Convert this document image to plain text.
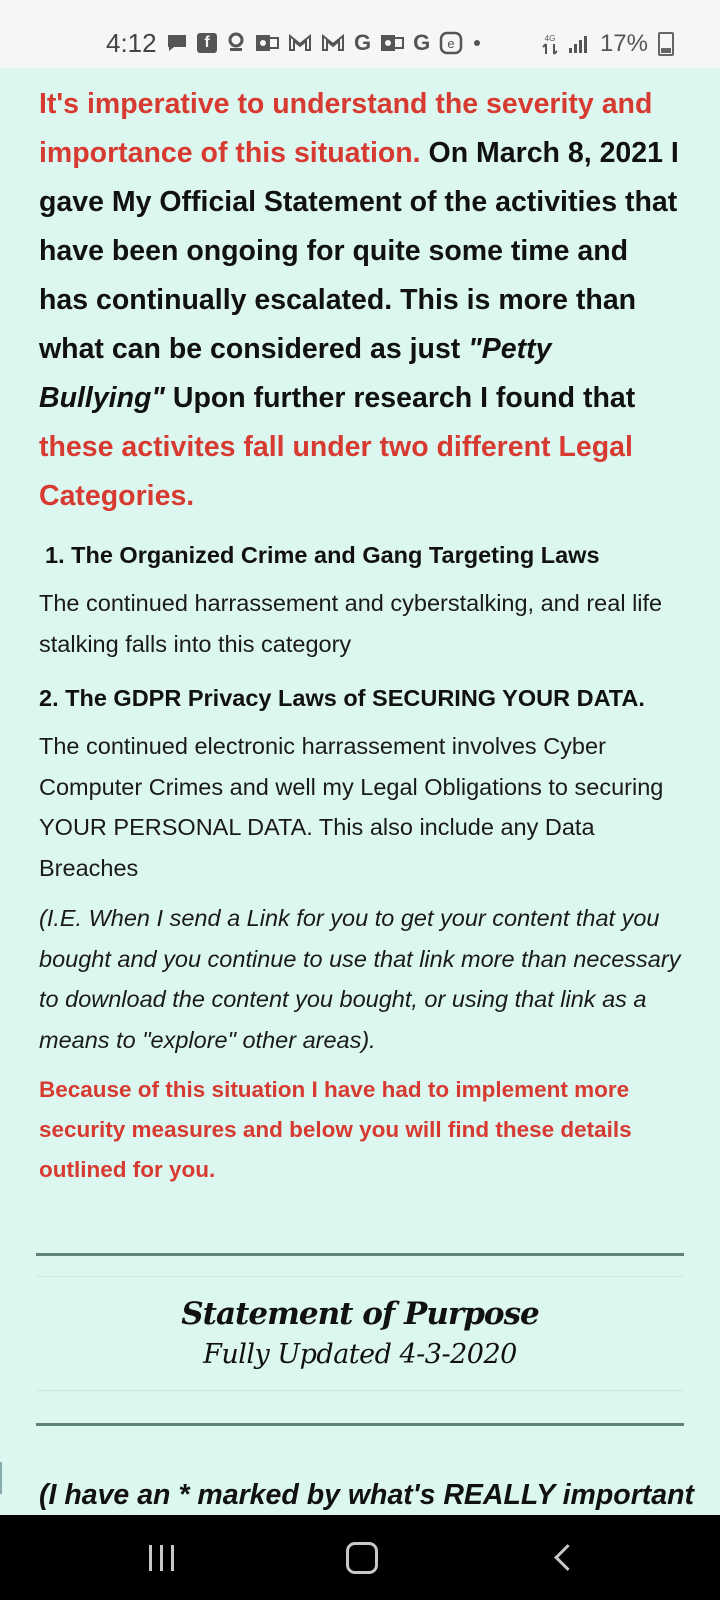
4:12	f	G G e	4G 17%

It's imperative to understand the severity and importance of this situation. On March 8, 2021 I gave My Official Statement of the activities that have been ongoing for quite some time and has continually escalated. This is more than what can be considered as just "Petty Bullying" Upon further research I found that these activites fall under two different Legal Categories.

1. The Organized Crime and Gang Targeting Laws

The continued harrassement and cyberstalking, and real life stalking falls into this category

2. The GDPR Privacy Laws of SECURING YOUR DATA.

The continued electronic harrassement involves Cyber Computer Crimes and well my Legal Obligations to securing YOUR PERSONAL DATA. This also include any Data Breaches

(I.E. When I send a Link for you to get your content that you bought and you continue to use that link more than necessary to download the content you bought, or using that link as a means to "explore" other areas).

Because of this situation I have had to implement more security measures and below you will find these details outlined for you.

Statement of Purpose
Fully Updated 4-3-2020
(I have an * marked by what's REALLY important
